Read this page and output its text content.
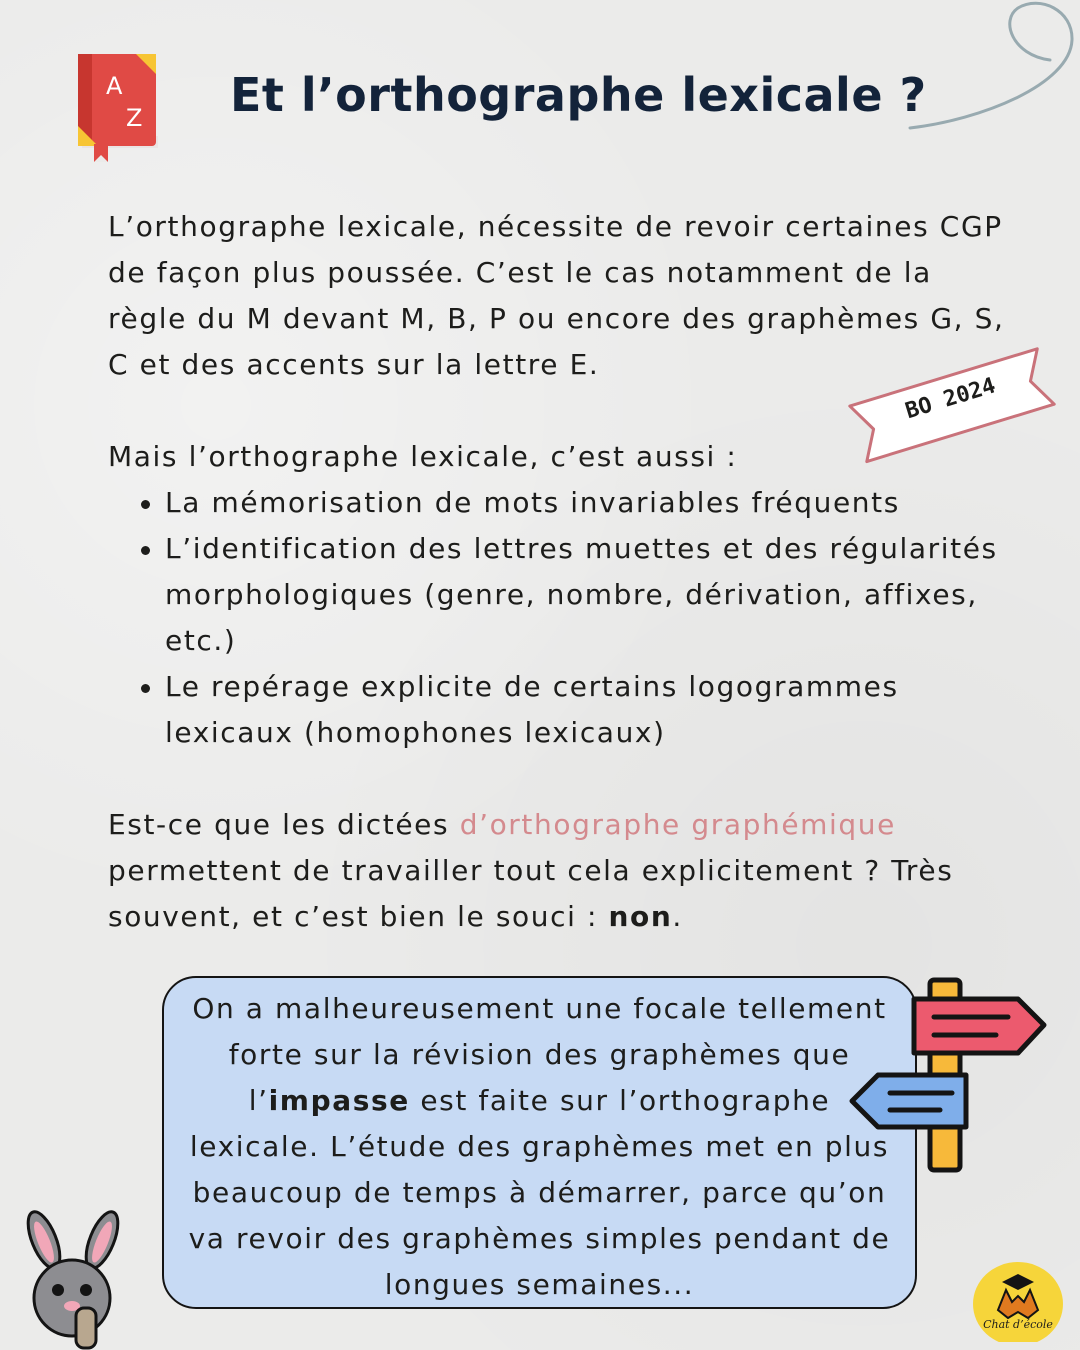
A
Z Et l’orthographe lexicale ?

L’orthographe lexicale, nécessite de revoir certaines CGP de façon plus poussée. C’est le cas notamment de la règle du M devant M, B, P ou encore des graphèmes G, S, C et des accents sur la lettre E.

BO 2024

Mais l’orthographe lexicale, c’est aussi :

La mémorisation de mots invariables fréquents
L’identification des lettres muettes et des régularités morphologiques (genre, nombre, dérivation, affixes, etc.)
Le repérage explicite de certains logogrammes lexicaux (homophones lexicaux)

Est-ce que les dictées d’orthographe graphémique permettent de travailler tout cela explicitement ? Très souvent, et c’est bien le souci : non.

On a malheureusement une focale tellement
forte sur la révision des graphèmes que
l’impasse est faite sur l’orthographe
lexicale. L’étude des graphèmes met en plus
beaucoup de temps à démarrer, parce qu’on
va revoir des graphèmes simples pendant de
longues semaines...
Chat d’école
